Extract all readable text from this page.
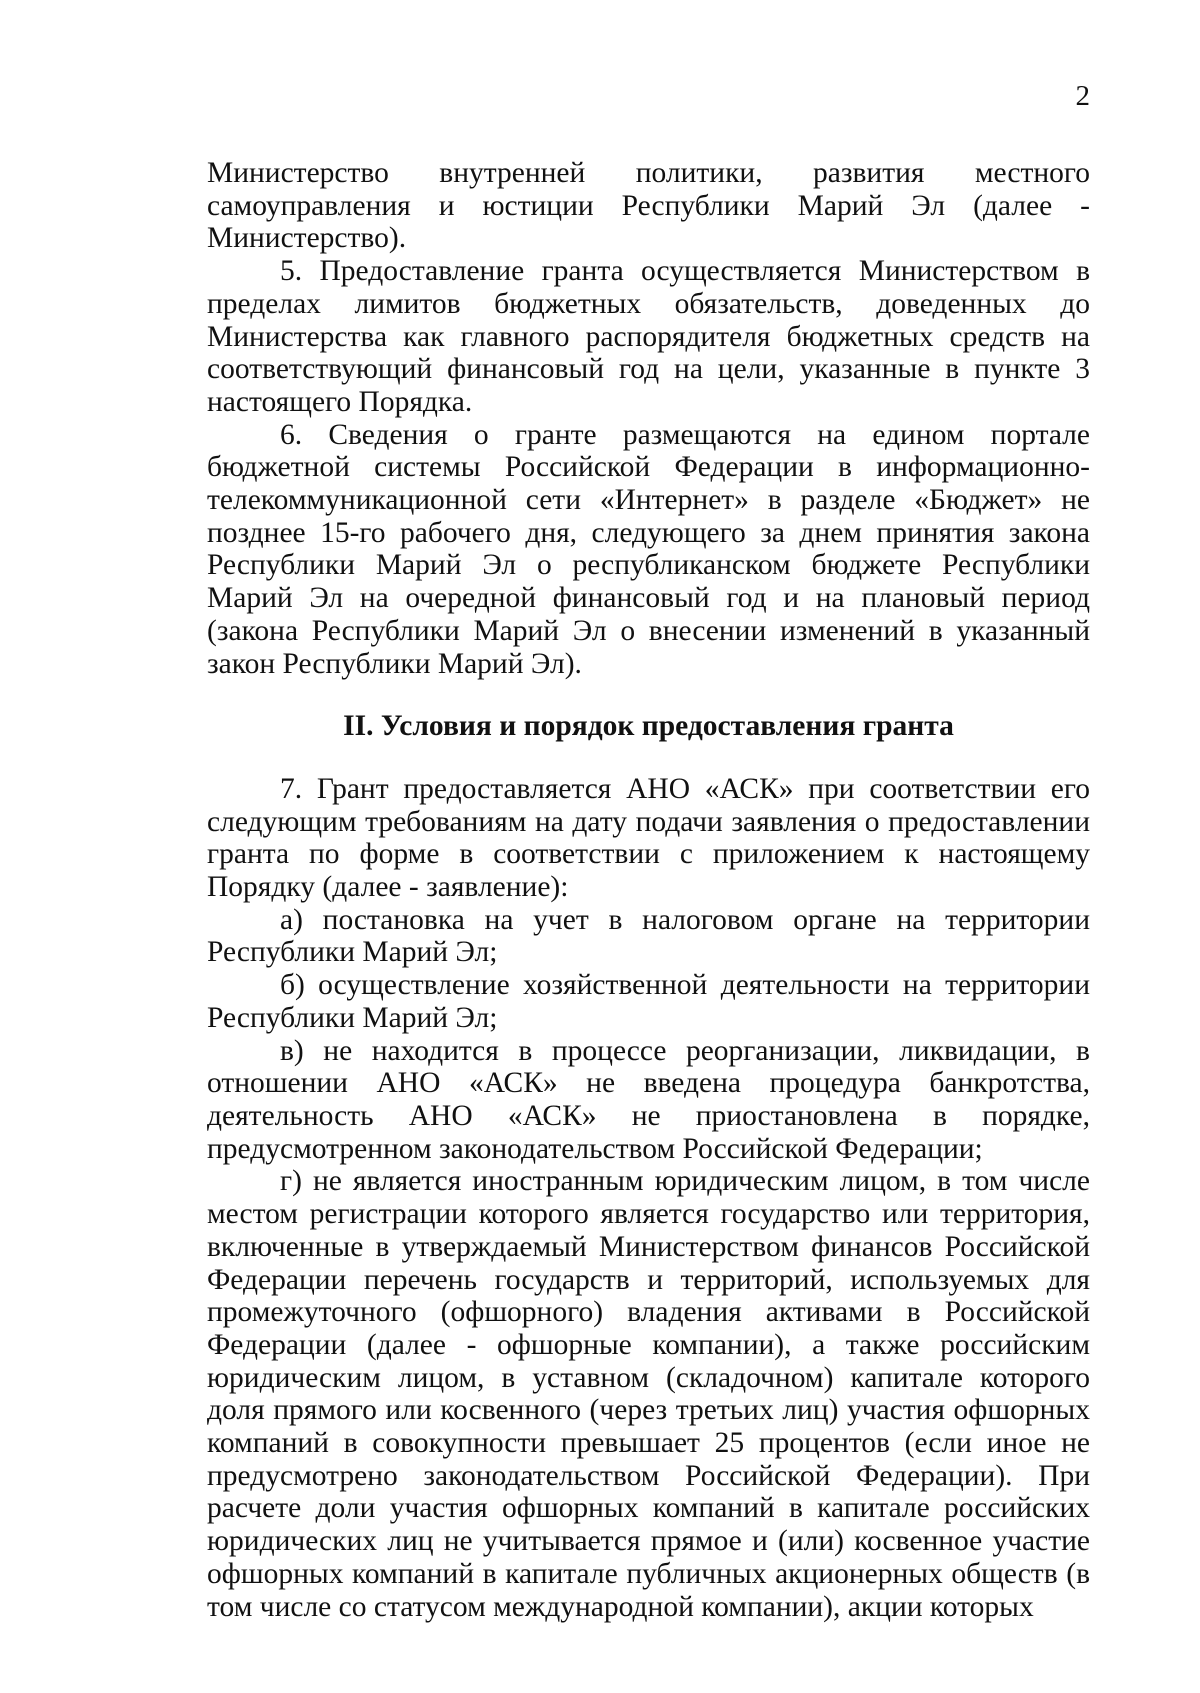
2

Министерство внутренней политики, развития местного самоуправления и юстиции Республики Марий Эл (далее - Министерство).

5. Предоставление гранта осуществляется Министерством в пределах лимитов бюджетных обязательств, доведенных до Министерства как главного распорядителя бюджетных средств на соответствующий финансовый год на цели, указанные в пункте 3 настоящего Порядка.

6. Сведения о гранте размещаются на едином портале бюджетной системы Российской Федерации в информационно-телекоммуникационной сети «Интернет» в разделе «Бюджет» не позднее 15-го рабочего дня, следующего за днем принятия закона Республики Марий Эл о республиканском бюджете Республики Марий Эл на очередной финансовый год и на плановый период (закона Республики Марий Эл о внесении изменений в указанный закон Республики Марий Эл).

II. Условия и порядок предоставления гранта

7. Грант предоставляется АНО «АСК» при соответствии его следующим требованиям на дату подачи заявления о предоставлении гранта по форме в соответствии с приложением к настоящему Порядку (далее - заявление):

а) постановка на учет в налоговом органе на территории Республики Марий Эл;

б) осуществление хозяйственной деятельности на территории Республики Марий Эл;

в) не находится в процессе реорганизации, ликвидации, в отношении АНО «АСК» не введена процедура банкротства, деятельность АНО «АСК» не приостановлена в порядке, предусмотренном законодательством Российской Федерации;

г) не является иностранным юридическим лицом, в том числе местом регистрации которого является государство или территория, включенные в утверждаемый Министерством финансов Российской Федерации перечень государств и территорий, используемых для промежуточного (офшорного) владения активами в Российской Федерации (далее - офшорные компании), а также российским юридическим лицом, в уставном (складочном) капитале которого доля прямого или косвенного (через третьих лиц) участия офшорных компаний в совокупности превышает 25 процентов (если иное не предусмотрено законодательством Российской Федерации). При расчете доли участия офшорных компаний в капитале российских юридических лиц не учитывается прямое и (или) косвенное участие офшорных компаний в капитале публичных акционерных обществ (в том числе со статусом международной компании), акции которых
